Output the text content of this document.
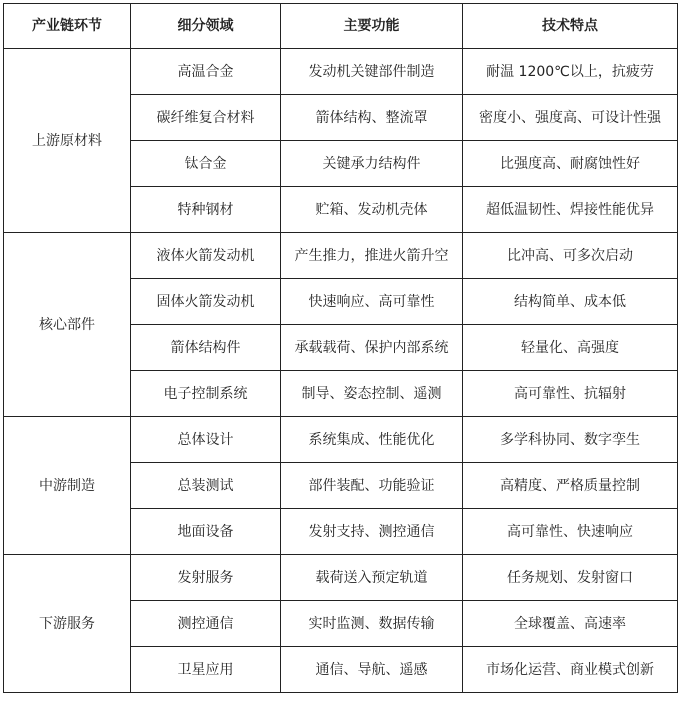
产业链环节	细分领域	主要功能	技术特点
上游原材料	高温合金	发动机关键部件制造	耐温 1200℃以上，抗疲劳
	碳纤维复合材料	箭体结构、整流罩	密度小、强度高、可设计性强
	钛合金	关键承力结构件	比强度高、耐腐蚀性好
	特种钢材	贮箱、发动机壳体	超低温韧性、焊接性能优异
核心部件	液体火箭发动机	产生推力，推进火箭升空	比冲高、可多次启动
	固体火箭发动机	快速响应、高可靠性	结构简单、成本低
	箭体结构件	承载载荷、保护内部系统	轻量化、高强度
	电子控制系统	制导、姿态控制、遥测	高可靠性、抗辐射
中游制造	总体设计	系统集成、性能优化	多学科协同、数字孪生
	总装测试	部件装配、功能验证	高精度、严格质量控制
	地面设备	发射支持、测控通信	高可靠性、快速响应
下游服务	发射服务	载荷送入预定轨道	任务规划、发射窗口
	测控通信	实时监测、数据传输	全球覆盖、高速率
	卫星应用	通信、导航、遥感	市场化运营、商业模式创新
